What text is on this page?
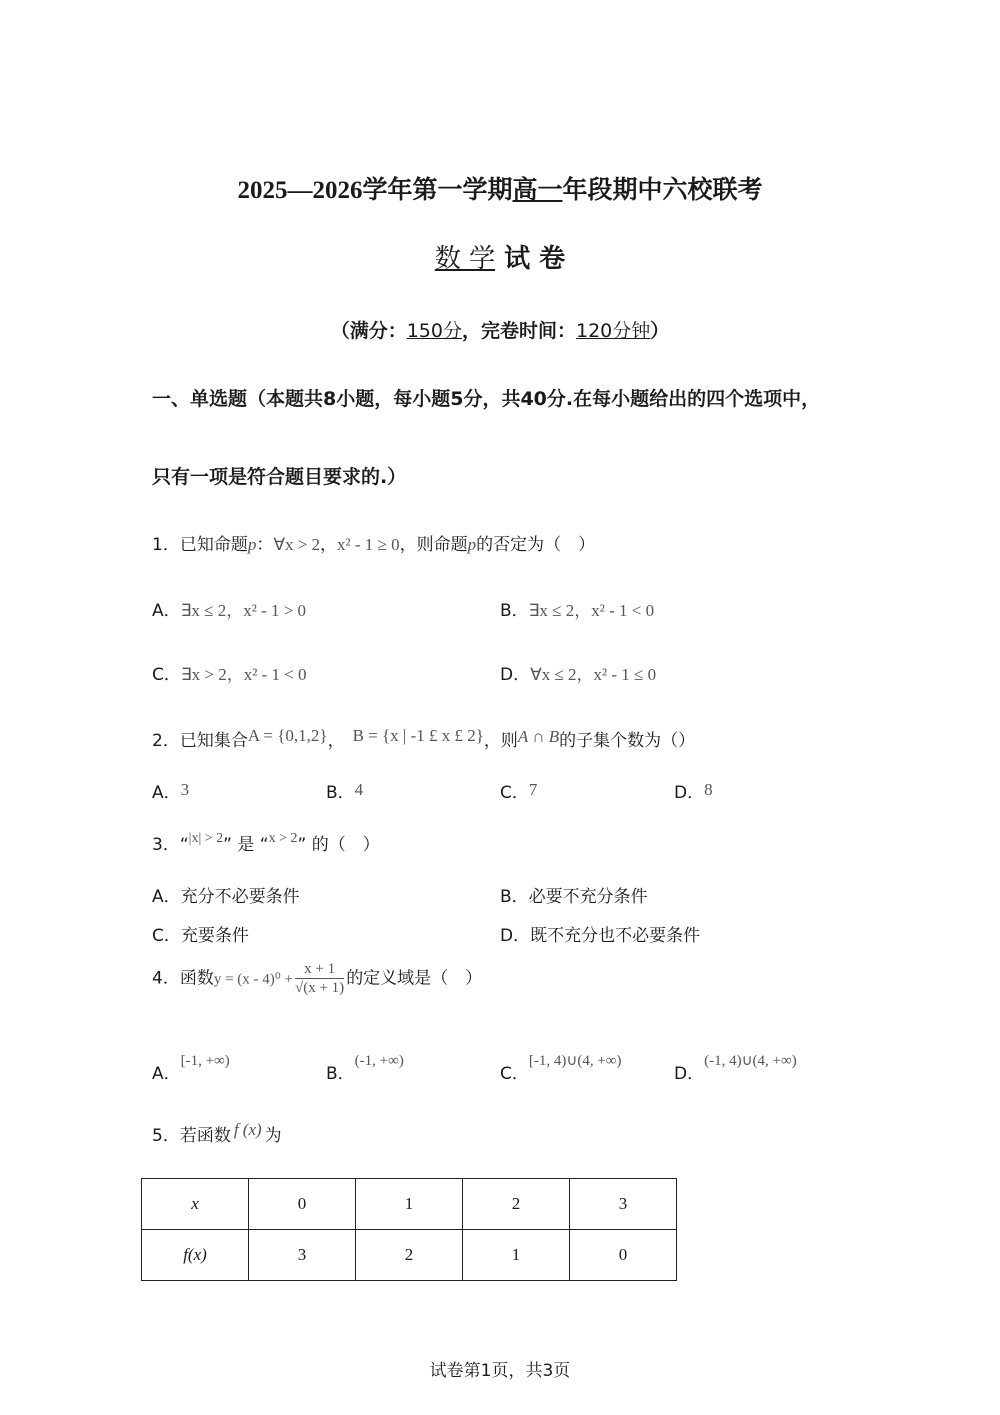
2025—2026学年第一学期高一年段期中六校联考
数 学 试 卷
（满分：150分，完卷时间：120分钟）
一、单选题（本题共8小题，每小题5分，共40分.在每小题给出的四个选项中，
只有一项是符合题目要求的.）
1．已知命题p：∀x > 2，x² - 1 ≥ 0，则命题p的否定为（　）
A．∃x ≤ 2，x² - 1 > 0	B．∃x ≤ 2，x² - 1 < 0
C．∃x > 2，x² - 1 < 0	D．∀x ≤ 2，x² - 1 ≤ 0
2．已知集合A = {0,1,2}， B = {x | -1 £ x £ 2}，则A ∩ B的子集个数为（）
A．3	B．4	C．7	D．8
3．“$^{|x| > 2}$” 是 “$^{x > 2}$” 的（　）
A．充分不必要条件	B．必要不充分条件
C．充要条件	D．既不充分也不必要条件
4．函数$y = (x - 4)^0 + \frac{x + 1}{√(x + 1)}$ 的定义域是（　）
A．[-1, +∞)
B．(-1, +∞)
C．[-1, 4)∪(4, +∞)
D．(-1, 4)∪(4, +∞)
5．若函数 f (x) 为
x	0	1	2	3
f(x)	3	2	1	0
试卷第1页，共3页
